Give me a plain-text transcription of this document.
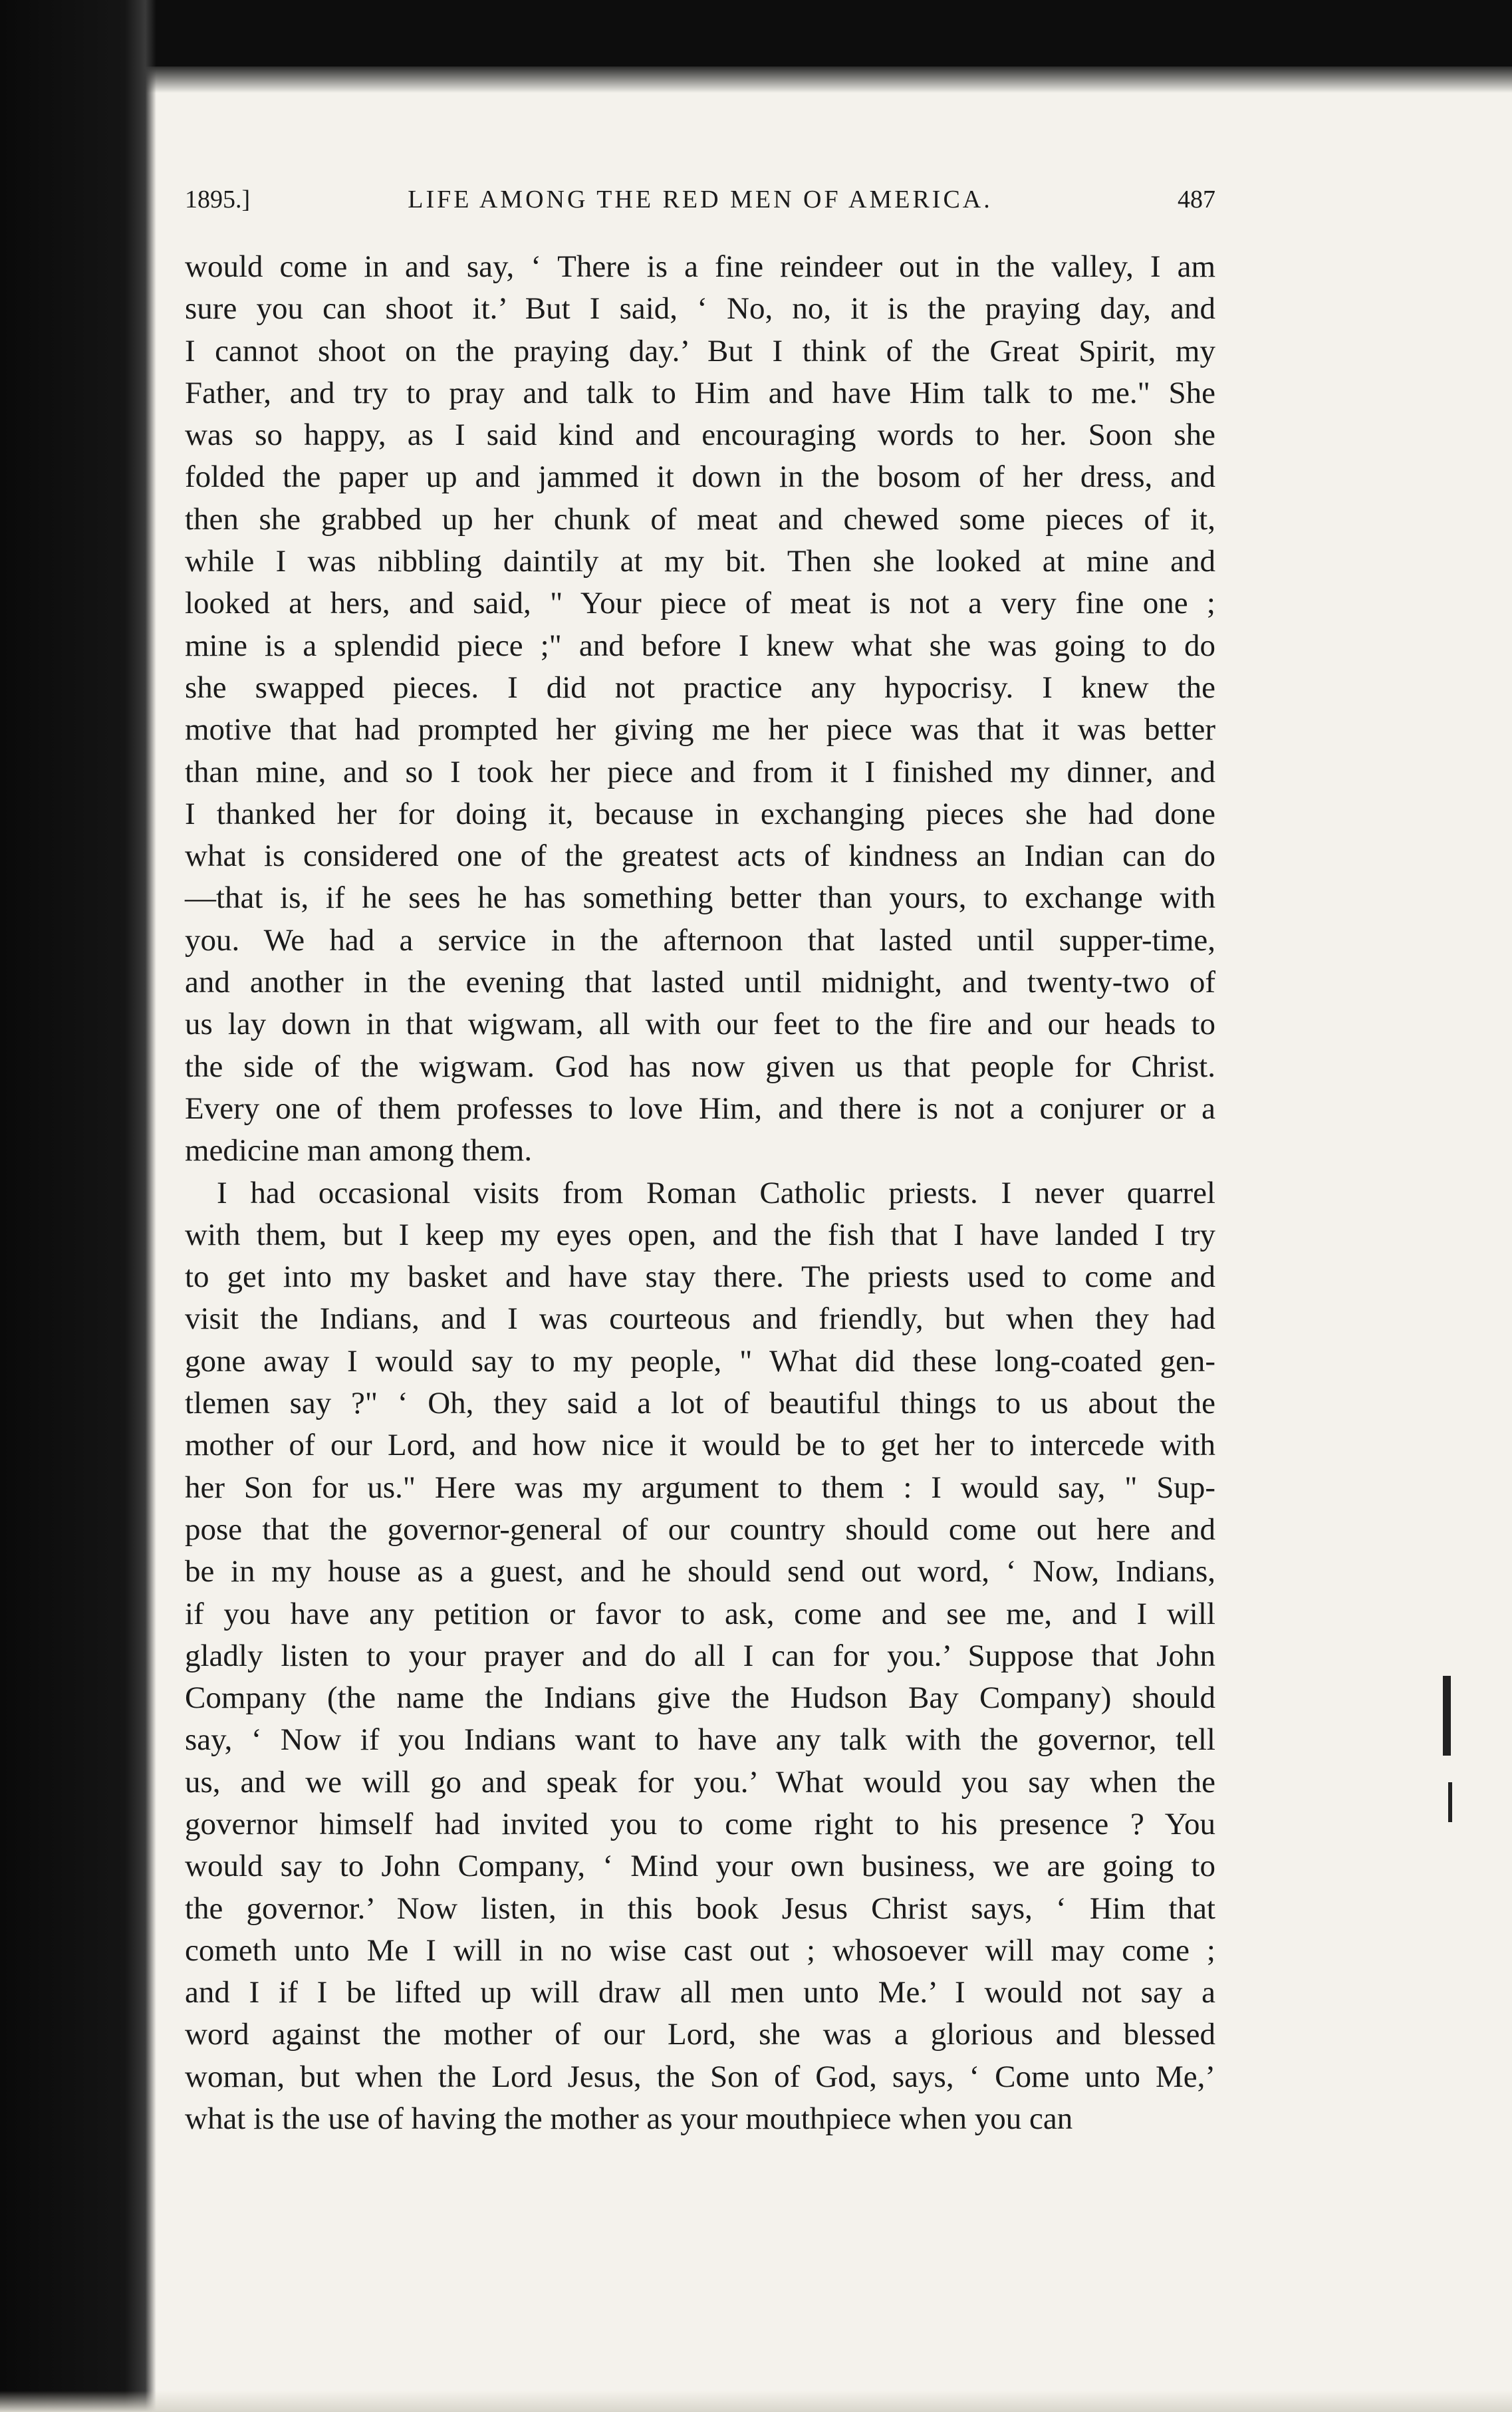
LIFE AMONG THE RED MEN OF AMERICA.
1895.]	487
would come in and say, ‘ There is a fine reindeer out in the valley, I am
sure you can shoot it.’ But I said, ‘ No, no, it is the praying day, and
I cannot shoot on the praying day.’ But I think of the Great Spirit, my
Father, and try to pray and talk to Him and have Him talk to me." She
was so happy, as I said kind and encouraging words to her. Soon she
folded the paper up and jammed it down in the bosom of her dress, and
then she grabbed up her chunk of meat and chewed some pieces of it,
while I was nibbling daintily at my bit. Then she looked at mine and
looked at hers, and said, " Your piece of meat is not a very fine one ;
mine is a splendid piece ;" and before I knew what she was going to do
she swapped pieces. I did not practice any hypocrisy. I knew the
motive that had prompted her giving me her piece was that it was better
than mine, and so I took her piece and from it I finished my dinner, and
I thanked her for doing it, because in exchanging pieces she had done
what is considered one of the greatest acts of kindness an Indian can do
—that is, if he sees he has something better than yours, to exchange with
you. We had a service in the afternoon that lasted until supper-time,
and another in the evening that lasted until midnight, and twenty-two of
us lay down in that wigwam, all with our feet to the fire and our heads to
the side of the wigwam. God has now given us that people for Christ.
Every one of them professes to love Him, and there is not a conjurer or a
medicine man among them.
I had occasional visits from Roman Catholic priests. I never quarrel
with them, but I keep my eyes open, and the fish that I have landed I try
to get into my basket and have stay there. The priests used to come and
visit the Indians, and I was courteous and friendly, but when they had
gone away I would say to my people, " What did these long-coated gen-
tlemen say ?" ‘ Oh, they said a lot of beautiful things to us about the
mother of our Lord, and how nice it would be to get her to intercede with
her Son for us." Here was my argument to them : I would say, " Sup-
pose that the governor-general of our country should come out here and
be in my house as a guest, and he should send out word, ‘ Now, Indians,
if you have any petition or favor to ask, come and see me, and I will
gladly listen to your prayer and do all I can for you.’ Suppose that John
Company (the name the Indians give the Hudson Bay Company) should
say, ‘ Now if you Indians want to have any talk with the governor, tell
us, and we will go and speak for you.’ What would you say when the
governor himself had invited you to come right to his presence ? You
would say to John Company, ‘ Mind your own business, we are going to
the governor.’ Now listen, in this book Jesus Christ says, ‘ Him that
cometh unto Me I will in no wise cast out ; whosoever will may come ;
and I if I be lifted up will draw all men unto Me.’ I would not say a
word against the mother of our Lord, she was a glorious and blessed
woman, but when the Lord Jesus, the Son of God, says, ‘ Come unto Me,’
what is the use of having the mother as your mouthpiece when you can
